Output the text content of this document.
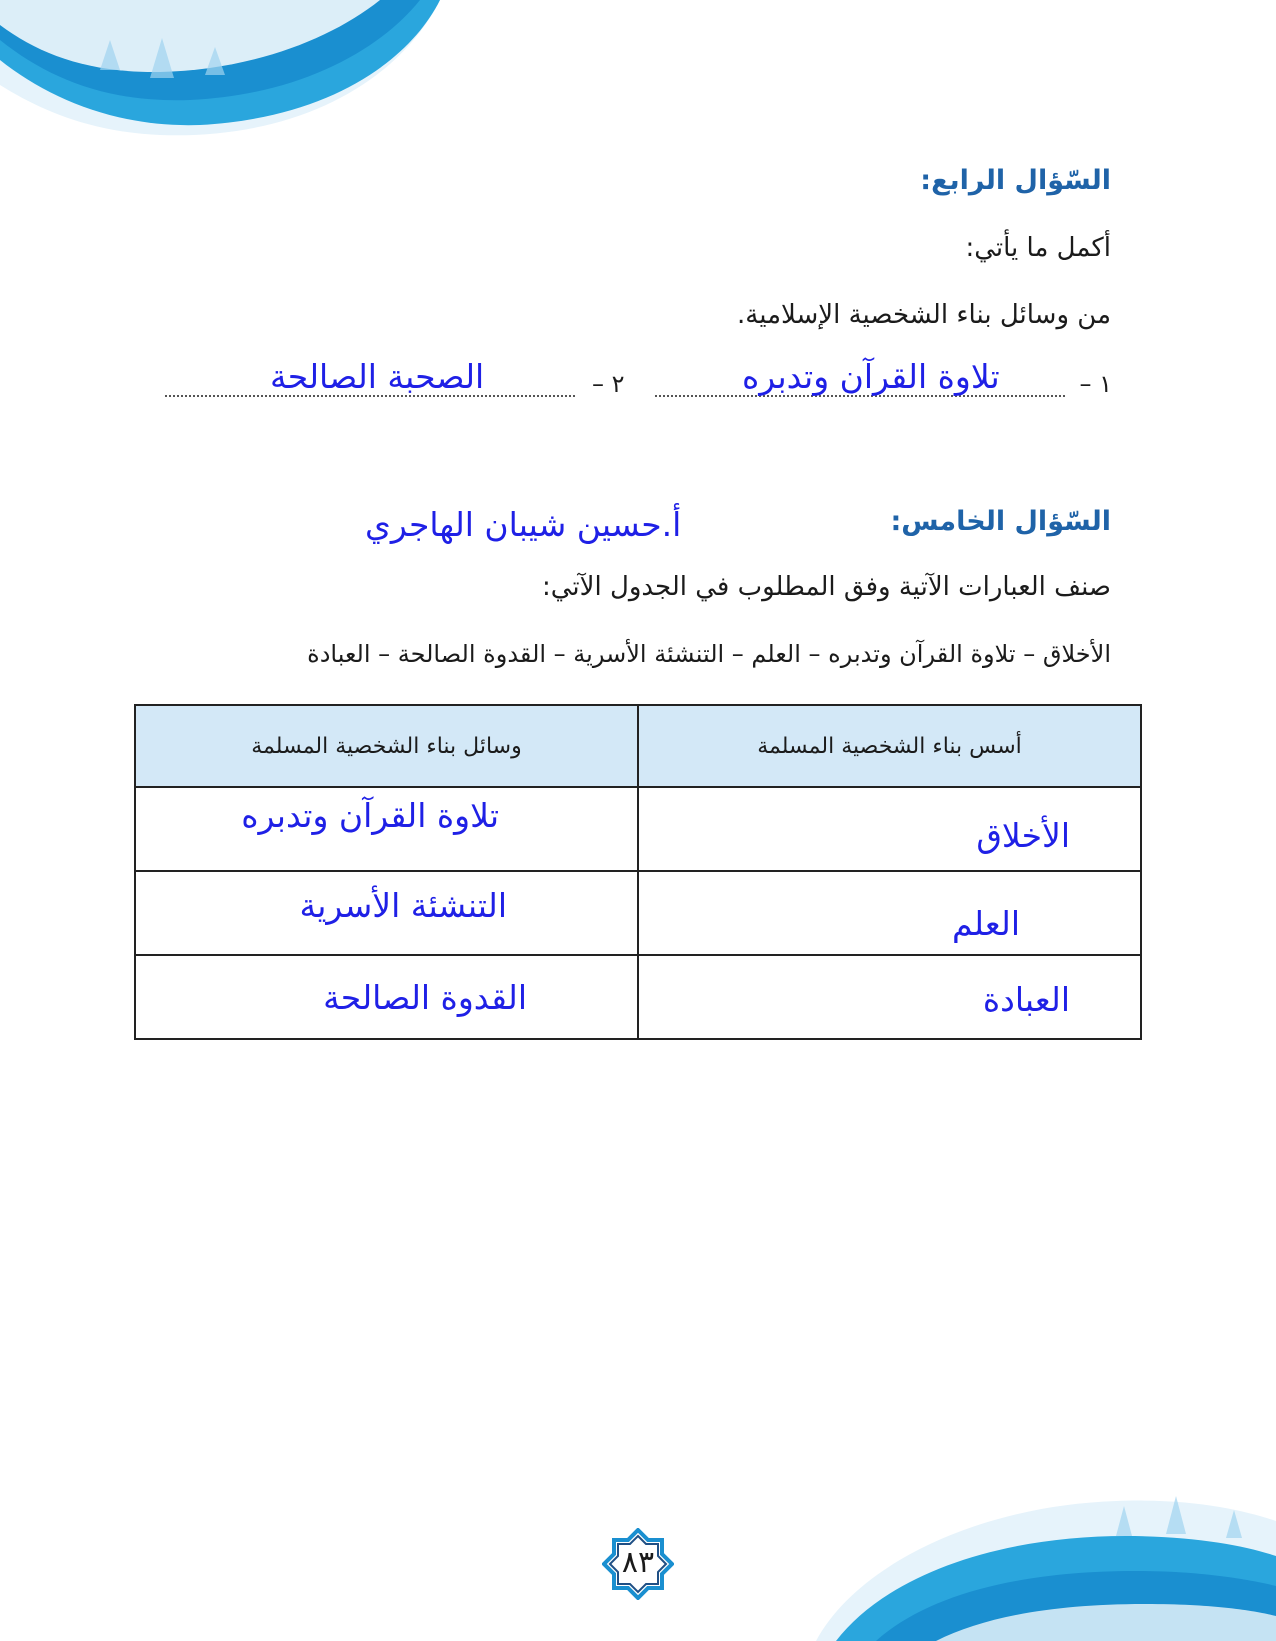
السّؤال الرابع:
أكمل ما يأتي:
من وسائل بناء الشخصية الإسلامية.
١ –
تلاوة القرآن وتدبره
٢ –
الصحبة الصالحة
السّؤال الخامس:
أ.حسين شيبان الهاجري
صنف العبارات الآتية وفق المطلوب في الجدول الآتي:
الأخلاق – تلاوة القرآن وتدبره – العلم – التنشئة الأسرية – القدوة الصالحة – العبادة
أسس بناء الشخصية المسلمة	وسائل بناء الشخصية المسلمة

الأخلاق	تلاوة القرآن وتدبره

العلم	التنشئة الأسرية

العبادة	القدوة الصالحة
٨٣
